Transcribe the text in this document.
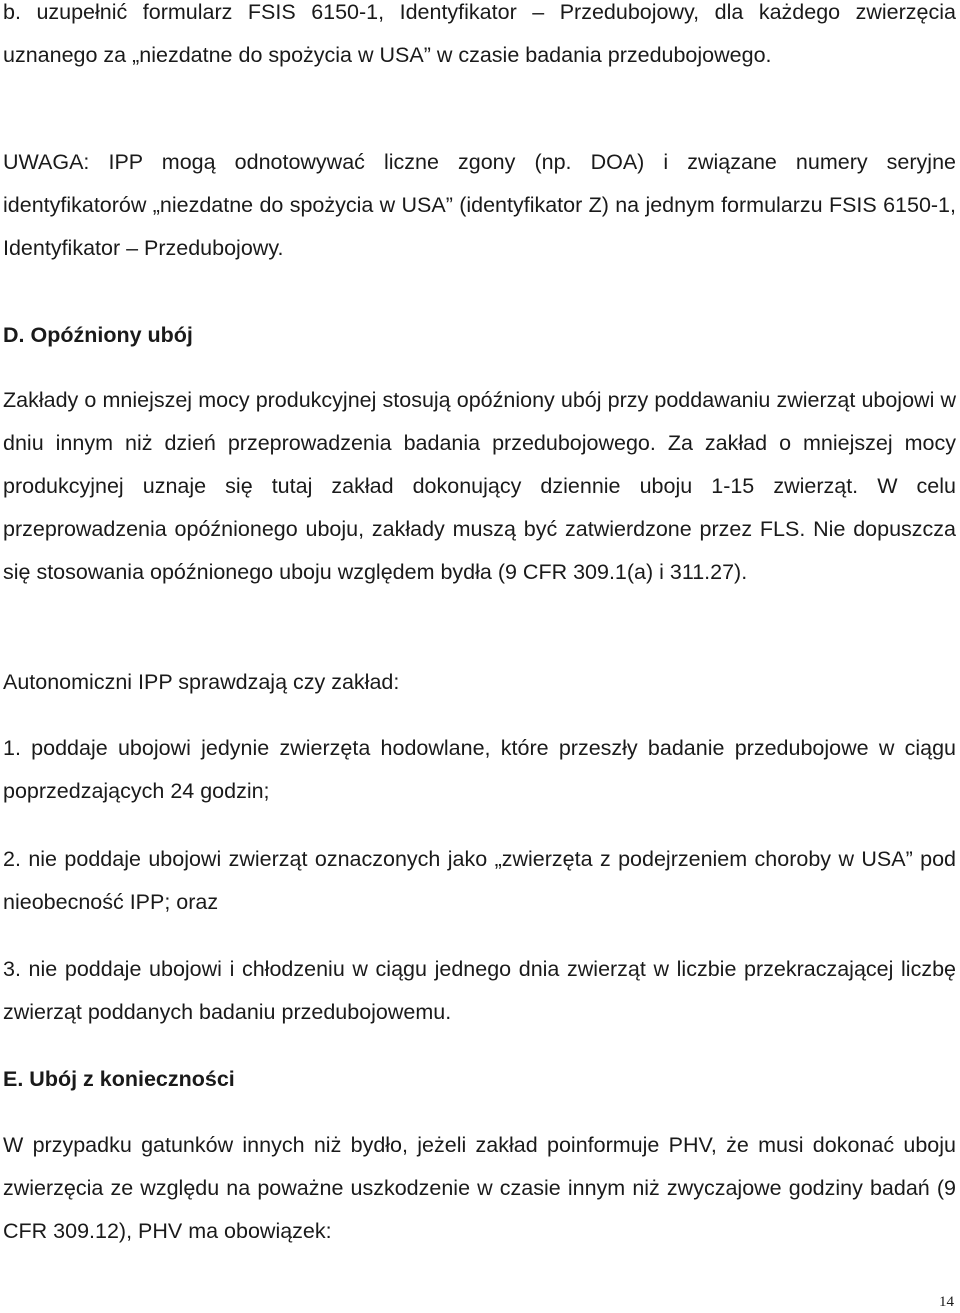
b. uzupełnić formularz FSIS 6150-1, Identyfikator – Przedubojowy, dla każdego zwierzęcia uznanego za „niezdatne do spożycia w USA” w czasie badania przedubojowego.

UWAGA: IPP mogą odnotowywać liczne zgony (np. DOA) i związane numery seryjne identyfikatorów „niezdatne do spożycia w USA” (identyfikator Z) na jednym formularzu FSIS 6150-1, Identyfikator – Przedubojowy.

D. Opóźniony ubój

Zakłady o mniejszej mocy produkcyjnej stosują opóźniony ubój przy poddawaniu zwierząt ubojowi w dniu innym niż dzień przeprowadzenia badania przedubojowego. Za zakład o mniejszej mocy produkcyjnej uznaje się tutaj zakład dokonujący dziennie uboju 1-15 zwierząt. W celu przeprowadzenia opóźnionego uboju, zakłady muszą być zatwierdzone przez FLS. Nie dopuszcza się stosowania opóźnionego uboju względem bydła (9 CFR 309.1(a) i 311.27).

Autonomiczni IPP sprawdzają czy zakład:

1. poddaje ubojowi jedynie zwierzęta hodowlane, które przeszły badanie przedubojowe w ciągu poprzedzających 24 godzin;

2. nie poddaje ubojowi zwierząt oznaczonych jako „zwierzęta z podejrzeniem choroby w USA” pod nieobecność IPP; oraz

3. nie poddaje ubojowi i chłodzeniu w ciągu jednego dnia zwierząt w liczbie przekraczającej liczbę zwierząt poddanych badaniu przedubojowemu.

E. Ubój z konieczności

W przypadku gatunków innych niż bydło, jeżeli zakład poinformuje PHV, że musi dokonać uboju zwierzęcia ze względu na poważne uszkodzenie w czasie innym niż zwyczajowe godziny badań (9 CFR 309.12), PHV ma obowiązek:

14
